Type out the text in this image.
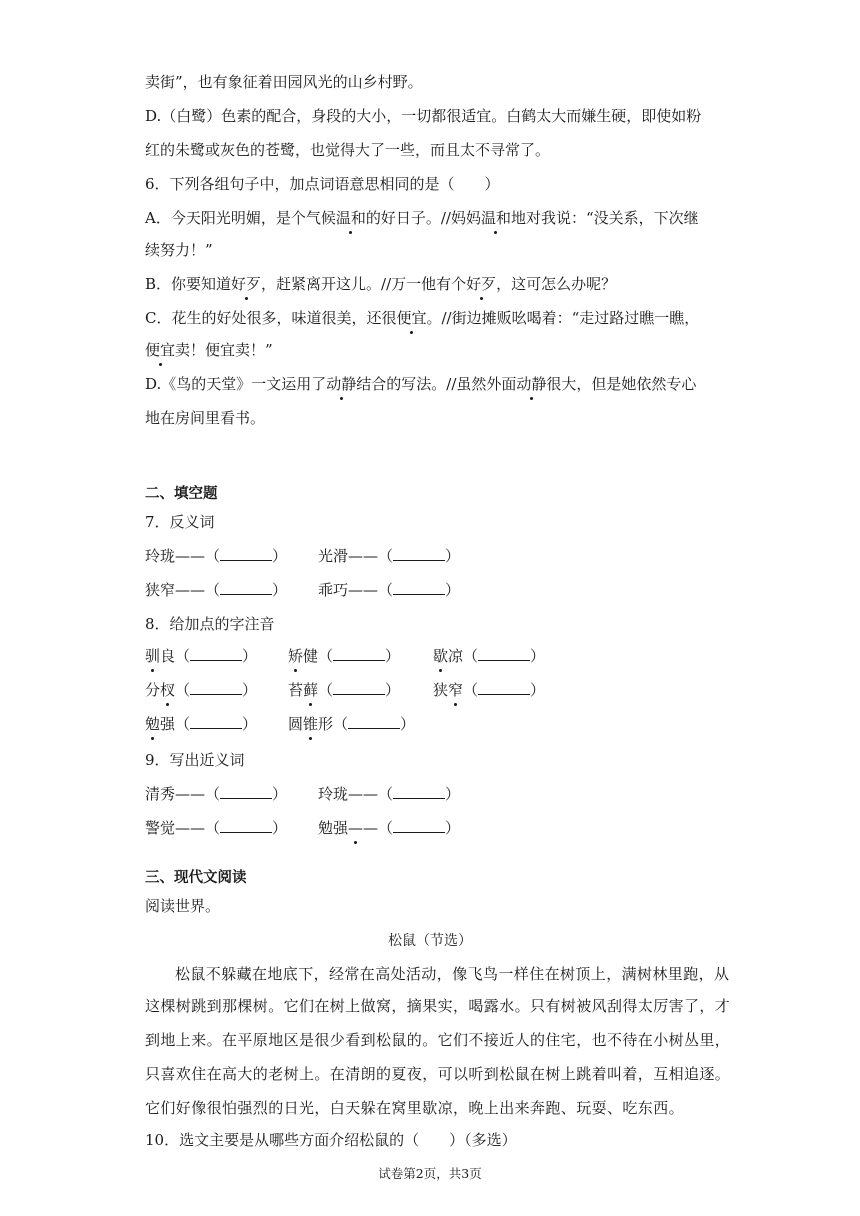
卖街”，也有象征着田园风光的山乡村野。
D.（白鹭）色素的配合，身段的大小，一切都很适宜。白鹤太大而嫌生硬，即使如粉
红的朱鹭或灰色的苍鹭，也觉得大了一些，而且太不寻常了。
6．下列各组句子中，加点词语意思相同的是（　　）
A．今天阳光明媚，是个气候温和的好日子。//妈妈温和地对我说：“没关系，下次继
续努力！”
B．你要知道好歹，赶紧离开这儿。//万一他有个好歹，这可怎么办呢？
C．花生的好处很多，味道很美，还很便宜。//街边摊贩吆喝着：“走过路过瞧一瞧，
便宜卖！便宜卖！”
D.《鸟的天堂》一文运用了动静结合的写法。//虽然外面动静很大，但是她依然专心
地在房间里看书。
二、填空题
7．反义词
玲珑——（	） 光滑——（	）
狭窄——（	） 乖巧——（	）
8．给加点的字注音
驯良（	） 矫健（	） 歇凉（	）
分杈（	） 苔藓（	） 狭窄（	）
勉强（	） 圆锥形（	）
9．写出近义词
清秀——（	） 玲珑——（	）
警觉——（	） 勉强——（	）
三、现代文阅读
阅读世界。
松鼠（节选）
松鼠不躲藏在地底下，经常在高处活动，像飞鸟一样住在树顶上，满树林里跑，从
这棵树跳到那棵树。它们在树上做窝，摘果实，喝露水。只有树被风刮得太厉害了，才
到地上来。在平原地区是很少看到松鼠的。它们不接近人的住宅，也不待在小树丛里，
只喜欢住在高大的老树上。在清朗的夏夜，可以听到松鼠在树上跳着叫着，互相追逐。
它们好像很怕强烈的日光，白天躲在窝里歇凉，晚上出来奔跑、玩耍、吃东西。
10．选文主要是从哪些方面介绍松鼠的（　　）（多选）
试卷第2页，共3页
